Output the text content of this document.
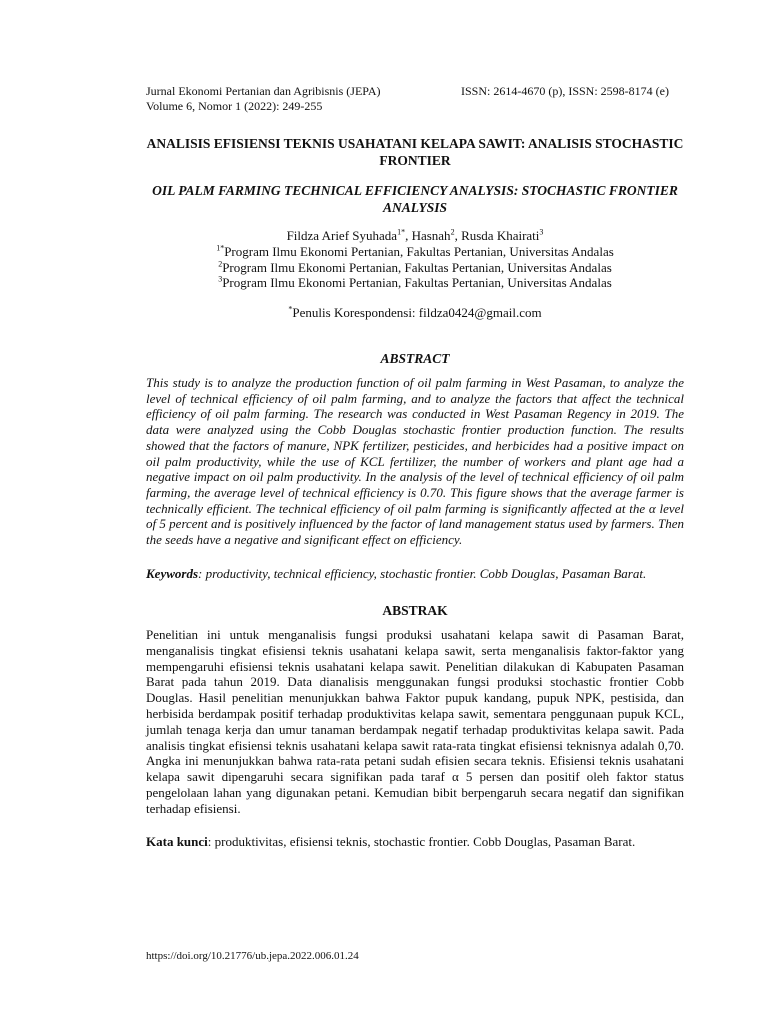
Jurnal Ekonomi Pertanian dan Agribisnis (JEPA)
Volume 6, Nomor 1 (2022): 249-255
ISSN: 2614-4670 (p), ISSN: 2598-8174 (e)
ANALISIS EFISIENSI TEKNIS USAHATANI KELAPA SAWIT: ANALISIS STOCHASTIC FRONTIER
OIL PALM FARMING TECHNICAL EFFICIENCY ANALYSIS: STOCHASTIC FRONTIER ANALYSIS
Fildza Arief Syuhada$^{1*}$, Hasnah$^2$, Rusda Khairati$^3$
$^{1*}$Program Ilmu Ekonomi Pertanian, Fakultas Pertanian, Universitas Andalas
$^2$Program Ilmu Ekonomi Pertanian, Fakultas Pertanian, Universitas Andalas
$^3$Program Ilmu Ekonomi Pertanian, Fakultas Pertanian, Universitas Andalas
*Penulis Korespondensi: fildza0424@gmail.com
ABSTRACT
This study is to analyze the production function of oil palm farming in West Pasaman, to analyze the level of technical efficiency of oil palm farming, and to analyze the factors that affect the technical efficiency of oil palm farming. The research was conducted in West Pasaman Regency in 2019. The data were analyzed using the Cobb Douglas stochastic frontier production function. The results showed that the factors of manure, NPK fertilizer, pesticides, and herbicides had a positive impact on oil palm productivity, while the use of KCL fertilizer, the number of workers and plant age had a negative impact on oil palm productivity. In the analysis of the level of technical efficiency of oil palm farming, the average level of technical efficiency is 0.70. This figure shows that the average farmer is technically efficient. The technical efficiency of oil palm farming is significantly affected at the α level of 5 percent and is positively influenced by the factor of land management status used by farmers. Then the seeds have a negative and significant effect on efficiency.
Keywords: productivity, technical efficiency, stochastic frontier. Cobb Douglas, Pasaman Barat.
ABSTRAK
Penelitian ini untuk menganalisis fungsi produksi usahatani kelapa sawit di Pasaman Barat, menganalisis tingkat efisiensi teknis usahatani kelapa sawit, serta menganalisis faktor-faktor yang mempengaruhi efisiensi teknis usahatani kelapa sawit. Penelitian dilakukan di Kabupaten Pasaman Barat pada tahun 2019. Data dianalisis menggunakan fungsi produksi stochastic frontier Cobb Douglas. Hasil penelitian menunjukkan bahwa Faktor pupuk kandang, pupuk NPK, pestisida, dan herbisida berdampak positif terhadap produktivitas kelapa sawit, sementara penggunaan pupuk KCL, jumlah tenaga kerja dan umur tanaman berdampak negatif terhadap produktivitas kelapa sawit. Pada analisis tingkat efisiensi teknis usahatani kelapa sawit rata-rata tingkat efisiensi teknisnya adalah 0,70. Angka ini menunjukkan bahwa rata-rata petani sudah efisien secara teknis. Efisiensi teknis usahatani kelapa sawit dipengaruhi secara signifikan pada taraf α 5 persen dan positif oleh faktor status pengelolaan lahan yang digunakan petani. Kemudian bibit berpengaruh secara negatif dan signifikan terhadap efisiensi.
Kata kunci: produktivitas, efisiensi teknis, stochastic frontier. Cobb Douglas, Pasaman Barat.
https://doi.org/10.21776/ub.jepa.2022.006.01.24
